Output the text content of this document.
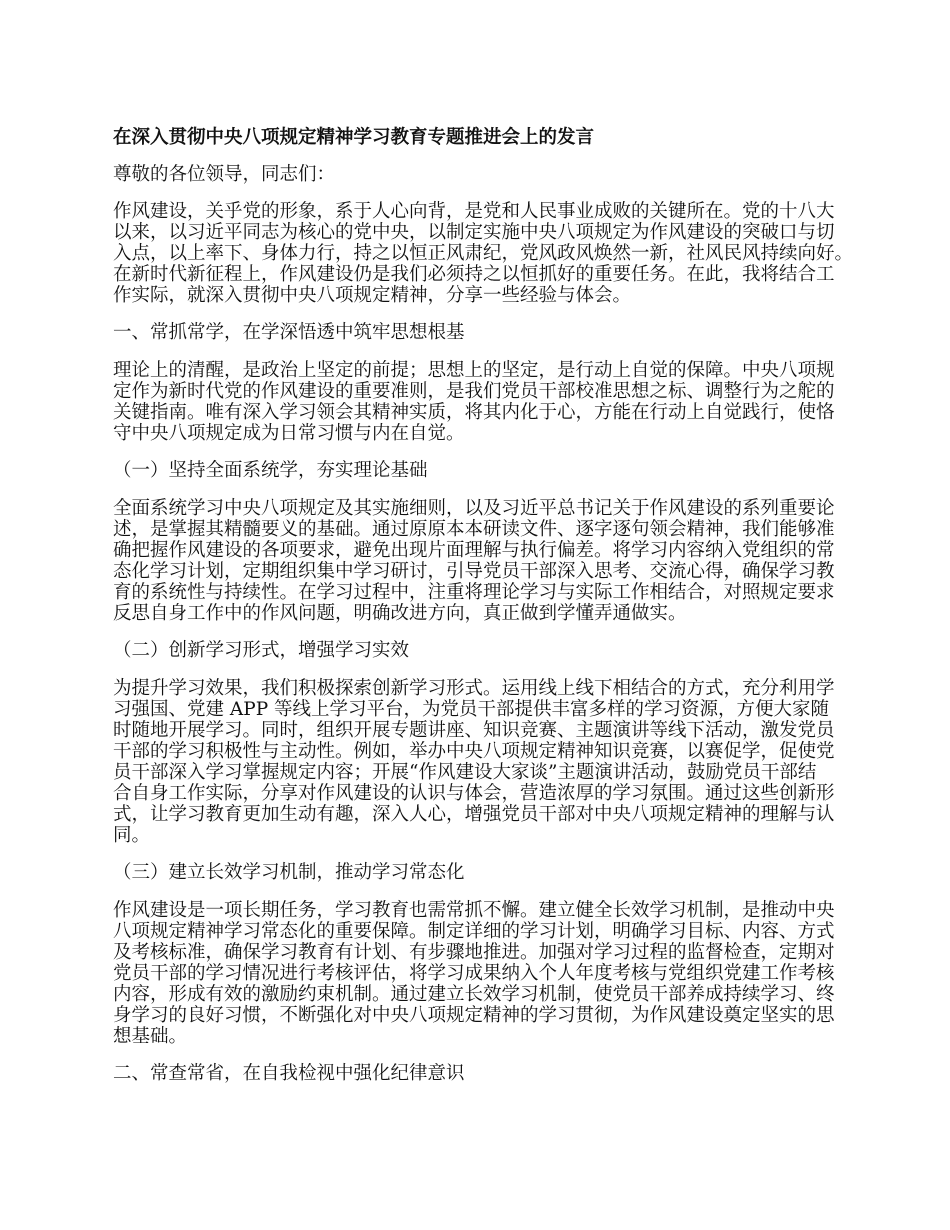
在深入贯彻中央八项规定精神学习教育专题推进会上的发言
尊敬的各位领导，同志们：
作风建设，关乎党的形象，系于人心向背，是党和人民事业成败的关键所在。党的十八大
以来，以习近平同志为核心的党中央，以制定实施中央八项规定为作风建设的突破口与切
入点，以上率下、身体力行，持之以恒正风肃纪，党风政风焕然一新，社风民风持续向好。
在新时代新征程上，作风建设仍是我们必须持之以恒抓好的重要任务。在此，我将结合工
作实际，就深入贯彻中央八项规定精神，分享一些经验与体会。
一、常抓常学，在学深悟透中筑牢思想根基
理论上的清醒，是政治上坚定的前提；思想上的坚定，是行动上自觉的保障。中央八项规
定作为新时代党的作风建设的重要准则，是我们党员干部校准思想之标、调整行为之舵的
关键指南。唯有深入学习领会其精神实质，将其内化于心，方能在行动上自觉践行，使恪
守中央八项规定成为日常习惯与内在自觉。
（一）坚持全面系统学，夯实理论基础
全面系统学习中央八项规定及其实施细则，以及习近平总书记关于作风建设的系列重要论
述，是掌握其精髓要义的基础。通过原原本本研读文件、逐字逐句领会精神，我们能够准
确把握作风建设的各项要求，避免出现片面理解与执行偏差。将学习内容纳入党组织的常
态化学习计划，定期组织集中学习研讨，引导党员干部深入思考、交流心得，确保学习教
育的系统性与持续性。在学习过程中，注重将理论学习与实际工作相结合，对照规定要求
反思自身工作中的作风问题，明确改进方向，真正做到学懂弄通做实。
（二）创新学习形式，增强学习实效
为提升学习效果，我们积极探索创新学习形式。运用线上线下相结合的方式，充分利用学
习强国、党建 APP 等线上学习平台，为党员干部提供丰富多样的学习资源，方便大家随
时随地开展学习。同时，组织开展专题讲座、知识竞赛、主题演讲等线下活动，激发党员
干部的学习积极性与主动性。例如，举办中央八项规定精神知识竞赛，以赛促学，促使党
员干部深入学习掌握规定内容；开展“作风建设大家谈”主题演讲活动，鼓励党员干部结
合自身工作实际，分享对作风建设的认识与体会，营造浓厚的学习氛围。通过这些创新形
式，让学习教育更加生动有趣，深入人心，增强党员干部对中央八项规定精神的理解与认
同。
（三）建立长效学习机制，推动学习常态化
作风建设是一项长期任务，学习教育也需常抓不懈。建立健全长效学习机制，是推动中央
八项规定精神学习常态化的重要保障。制定详细的学习计划，明确学习目标、内容、方式
及考核标准，确保学习教育有计划、有步骤地推进。加强对学习过程的监督检查，定期对
党员干部的学习情况进行考核评估，将学习成果纳入个人年度考核与党组织党建工作考核
内容，形成有效的激励约束机制。通过建立长效学习机制，使党员干部养成持续学习、终
身学习的良好习惯，不断强化对中央八项规定精神的学习贯彻，为作风建设奠定坚实的思
想基础。
二、常查常省，在自我检视中强化纪律意识
